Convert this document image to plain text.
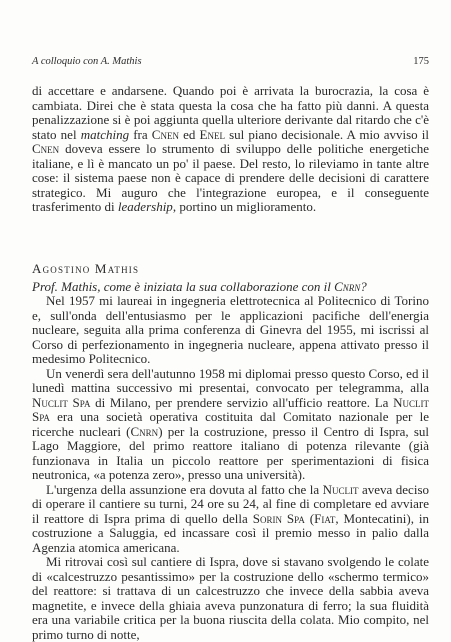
A colloquio con A. Mathis	175

di accettare e andarsene. Quando poi è arrivata la burocrazia, la cosa è cambiata. Direi che è stata questa la cosa che ha fatto più danni. A questa penalizzazione si è poi aggiunta quella ulteriore derivante dal ritardo che c'è stato nel matching fra Cnen ed Enel sul piano decisionale. A mio avviso il Cnen doveva essere lo strumento di sviluppo delle politiche energetiche italiane, e lì è mancato un po' il paese. Del resto, lo rileviamo in tante altre cose: il sistema paese non è capace di prendere delle decisioni di carattere strategico. Mi auguro che l'integrazione europea, e il conseguente trasferimento di leadership, portino un miglioramento.

Agostino Mathis
Prof. Mathis, come è iniziata la sua collaborazione con il Cnrn?

Nel 1957 mi laureai in ingegneria elettrotecnica al Politecnico di Torino e, sull'onda dell'entusiasmo per le applicazioni pacifiche dell'energia nucleare, seguita alla prima conferenza di Ginevra del 1955, mi iscrissi al Corso di perfezionamento in ingegneria nucleare, appena attivato presso il medesimo Politecnico.

Un venerdì sera dell'autunno 1958 mi diplomai presso questo Corso, ed il lunedì mattina successivo mi presentai, convocato per telegramma, alla Nuclit Spa di Milano, per prendere servizio all'ufficio reattore. La Nuclit Spa era una società operativa costituita dal Comitato nazionale per le ricerche nucleari (Cnrn) per la costruzione, presso il Centro di Ispra, sul Lago Maggiore, del primo reattore italiano di potenza rilevante (già funzionava in Italia un piccolo reattore per sperimentazioni di fisica neutronica, «a potenza zero», presso una università).

L'urgenza della assunzione era dovuta al fatto che la Nuclit aveva deciso di operare il cantiere su turni, 24 ore su 24, al fine di completare ed avviare il reattore di Ispra prima di quello della Sorin Spa (Fiat, Montecatini), in costruzione a Saluggia, ed incassare così il premio messo in palio dalla Agenzia atomica americana.

Mi ritrovai così sul cantiere di Ispra, dove si stavano svolgendo le colate di «calcestruzzo pesantissimo» per la costruzione dello «schermo termico» del reattore: si trattava di un calcestruzzo che invece della sabbia aveva magnetite, e invece della ghiaia aveva punzonatura di ferro; la sua fluidità era una variabile critica per la buona riuscita della colata. Mio compito, nel primo turno di notte,
